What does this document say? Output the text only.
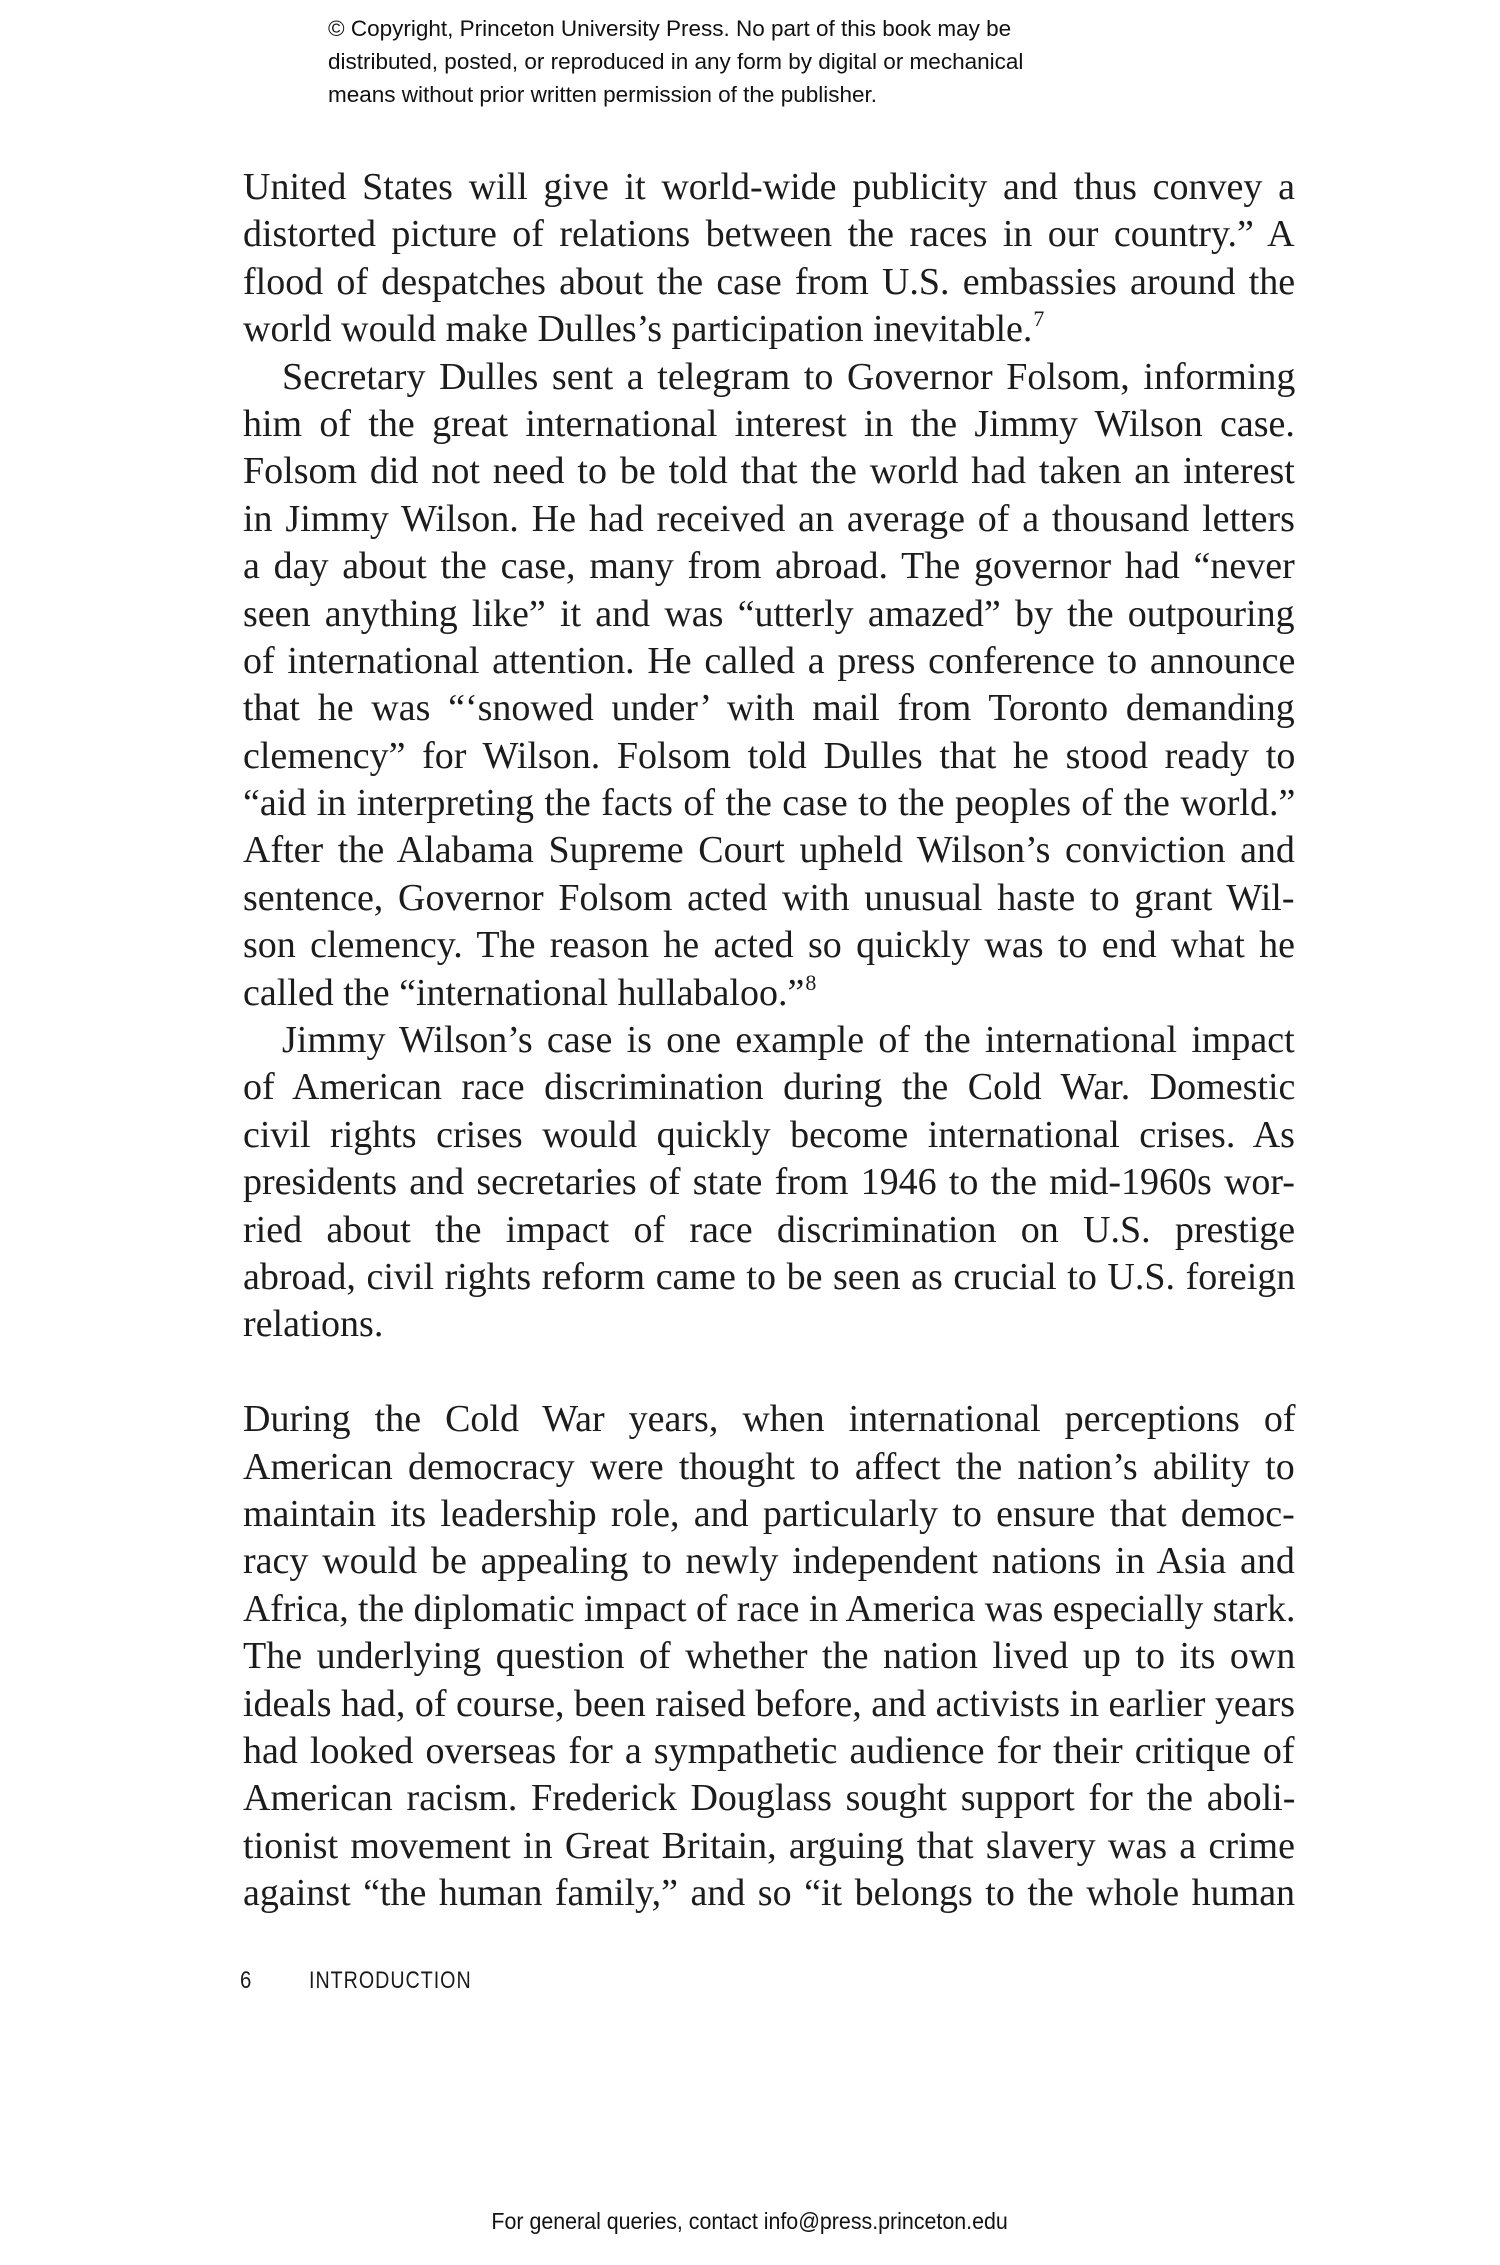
© Copyright, Princeton University Press. No part of this book may be
distributed, posted, or reproduced in any form by digital or mechanical
means without prior written permission of the publisher.
United States will give it world-wide publicity and thus convey a
distorted picture of relations between the races in our country.” A
flood of despatches about the case from U.S. embassies around the
world would make Dulles’s participation inevitable.$^7$
Secretary Dulles sent a telegram to Governor Folsom, informing
him of the great international interest in the Jimmy Wilson case.
Folsom did not need to be told that the world had taken an interest
in Jimmy Wilson. He had received an average of a thousand letters
a day about the case, many from abroad. The governor had “never
seen anything like” it and was “utterly amazed” by the outpouring
of international attention. He called a press conference to announce
that he was “‘snowed under’ with mail from Toronto demanding
clemency” for Wilson. Folsom told Dulles that he stood ready to
“aid in interpreting the facts of the case to the peoples of the world.”
After the Alabama Supreme Court upheld Wilson’s conviction and
sentence, Governor Folsom acted with unusual haste to grant Wil-
son clemency. The reason he acted so quickly was to end what he
called the “international hullabaloo.”$^8$
Jimmy Wilson’s case is one example of the international impact
of American race discrimination during the Cold War. Domestic
civil rights crises would quickly become international crises. As
presidents and secretaries of state from 1946 to the mid-1960s wor-
ried about the impact of race discrimination on U.S. prestige
abroad, civil rights reform came to be seen as crucial to U.S. foreign
relations.
During the Cold War years, when international perceptions of
American democracy were thought to affect the nation’s ability to
maintain its leadership role, and particularly to ensure that democ-
racy would be appealing to newly independent nations in Asia and
Africa, the diplomatic impact of race in America was especially stark.
The underlying question of whether the nation lived up to its own
ideals had, of course, been raised before, and activists in earlier years
had looked overseas for a sympathetic audience for their critique of
American racism. Frederick Douglass sought support for the aboli-
tionist movement in Great Britain, arguing that slavery was a crime
against “the human family,” and so “it belongs to the whole human
6 INTRODUCTION
For general queries, contact info@press.princeton.edu
